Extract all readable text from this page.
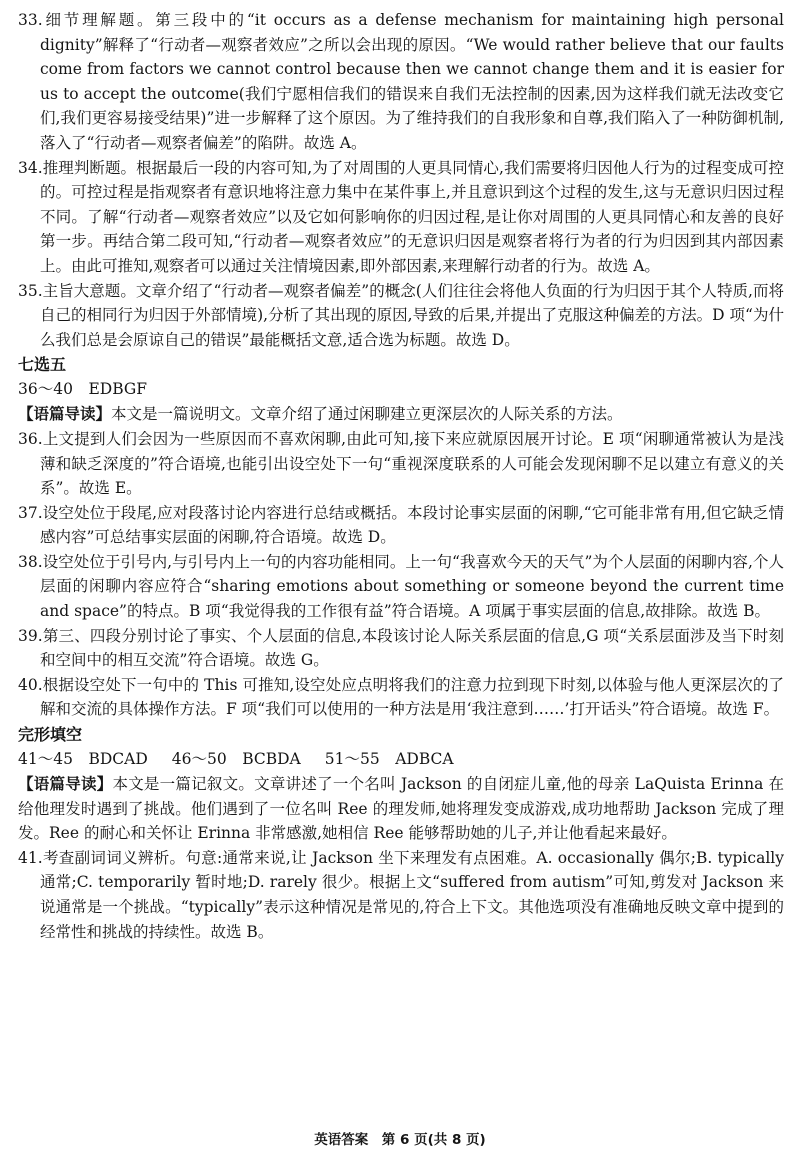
33.细节理解题。第三段中的“it occurs as a defense mechanism for maintaining high personal dignity”解释了“行动者—观察者效应”之所以会出现的原因。“We would rather believe that our faults come from factors we cannot control because then we cannot change them and it is easier for us to accept the outcome(我们宁愿相信我们的错误来自我们无法控制的因素,因为这样我们就无法改变它们,我们更容易接受结果)”进一步解释了这个原因。为了维持我们的自我形象和自尊,我们陷入了一种防御机制,落入了“行动者—观察者偏差”的陷阱。故选 A。

34.推理判断题。根据最后一段的内容可知,为了对周围的人更具同情心,我们需要将归因他人行为的过程变成可控的。可控过程是指观察者有意识地将注意力集中在某件事上,并且意识到这个过程的发生,这与无意识归因过程不同。了解“行动者—观察者效应”以及它如何影响你的归因过程,是让你对周围的人更具同情心和友善的良好第一步。再结合第二段可知,“行动者—观察者效应”的无意识归因是观察者将行为者的行为归因到其内部因素上。由此可推知,观察者可以通过关注情境因素,即外部因素,来理解行动者的行为。故选 A。

35.主旨大意题。文章介绍了“行动者—观察者偏差”的概念(人们往往会将他人负面的行为归因于其个人特质,而将自己的相同行为归因于外部情境),分析了其出现的原因,导致的后果,并提出了克服这种偏差的方法。D 项“为什么我们总是会原谅自己的错误”最能概括文意,适合选为标题。故选 D。

七选五

36～40　EDBGF

【语篇导读】本文是一篇说明文。文章介绍了通过闲聊建立更深层次的人际关系的方法。

36.上文提到人们会因为一些原因而不喜欢闲聊,由此可知,接下来应就原因展开讨论。E 项“闲聊通常被认为是浅薄和缺乏深度的”符合语境,也能引出设空处下一句“重视深度联系的人可能会发现闲聊不足以建立有意义的关系”。故选 E。

37.设空处位于段尾,应对段落讨论内容进行总结或概括。本段讨论事实层面的闲聊,“它可能非常有用,但它缺乏情感内容”可总结事实层面的闲聊,符合语境。故选 D。

38.设空处位于引号内,与引号内上一句的内容功能相同。上一句“我喜欢今天的天气”为个人层面的闲聊内容,个人层面的闲聊内容应符合“sharing emotions about something or someone beyond the current time and space”的特点。B 项“我觉得我的工作很有益”符合语境。A 项属于事实层面的信息,故排除。故选 B。

39.第三、四段分别讨论了事实、个人层面的信息,本段该讨论人际关系层面的信息,G 项“关系层面涉及当下时刻和空间中的相互交流”符合语境。故选 G。

40.根据设空处下一句中的 This 可推知,设空处应点明将我们的注意力拉到现下时刻,以体验与他人更深层次的了解和交流的具体操作方法。F 项“我们可以使用的一种方法是用‘我注意到……’打开话头”符合语境。故选 F。

完形填空

41～45　BDCAD 46～50　BCBDA 51～55　ADBCA

【语篇导读】本文是一篇记叙文。文章讲述了一个名叫 Jackson 的自闭症儿童,他的母亲 LaQuista Erinna 在给他理发时遇到了挑战。他们遇到了一位名叫 Ree 的理发师,她将理发变成游戏,成功地帮助 Jackson 完成了理发。Ree 的耐心和关怀让 Erinna 非常感激,她相信 Ree 能够帮助她的儿子,并让他看起来最好。

41.考查副词词义辨析。句意:通常来说,让 Jackson 坐下来理发有点困难。A. occasionally 偶尔;B. typically 通常;C. temporarily 暂时地;D. rarely 很少。根据上文“suffered from autism”可知,剪发对 Jackson 来说通常是一个挑战。“typically”表示这种情况是常见的,符合上下文。其他选项没有准确地反映文章中提到的经常性和挑战的持续性。故选 B。

英语答案　第 6 页(共 8 页)
